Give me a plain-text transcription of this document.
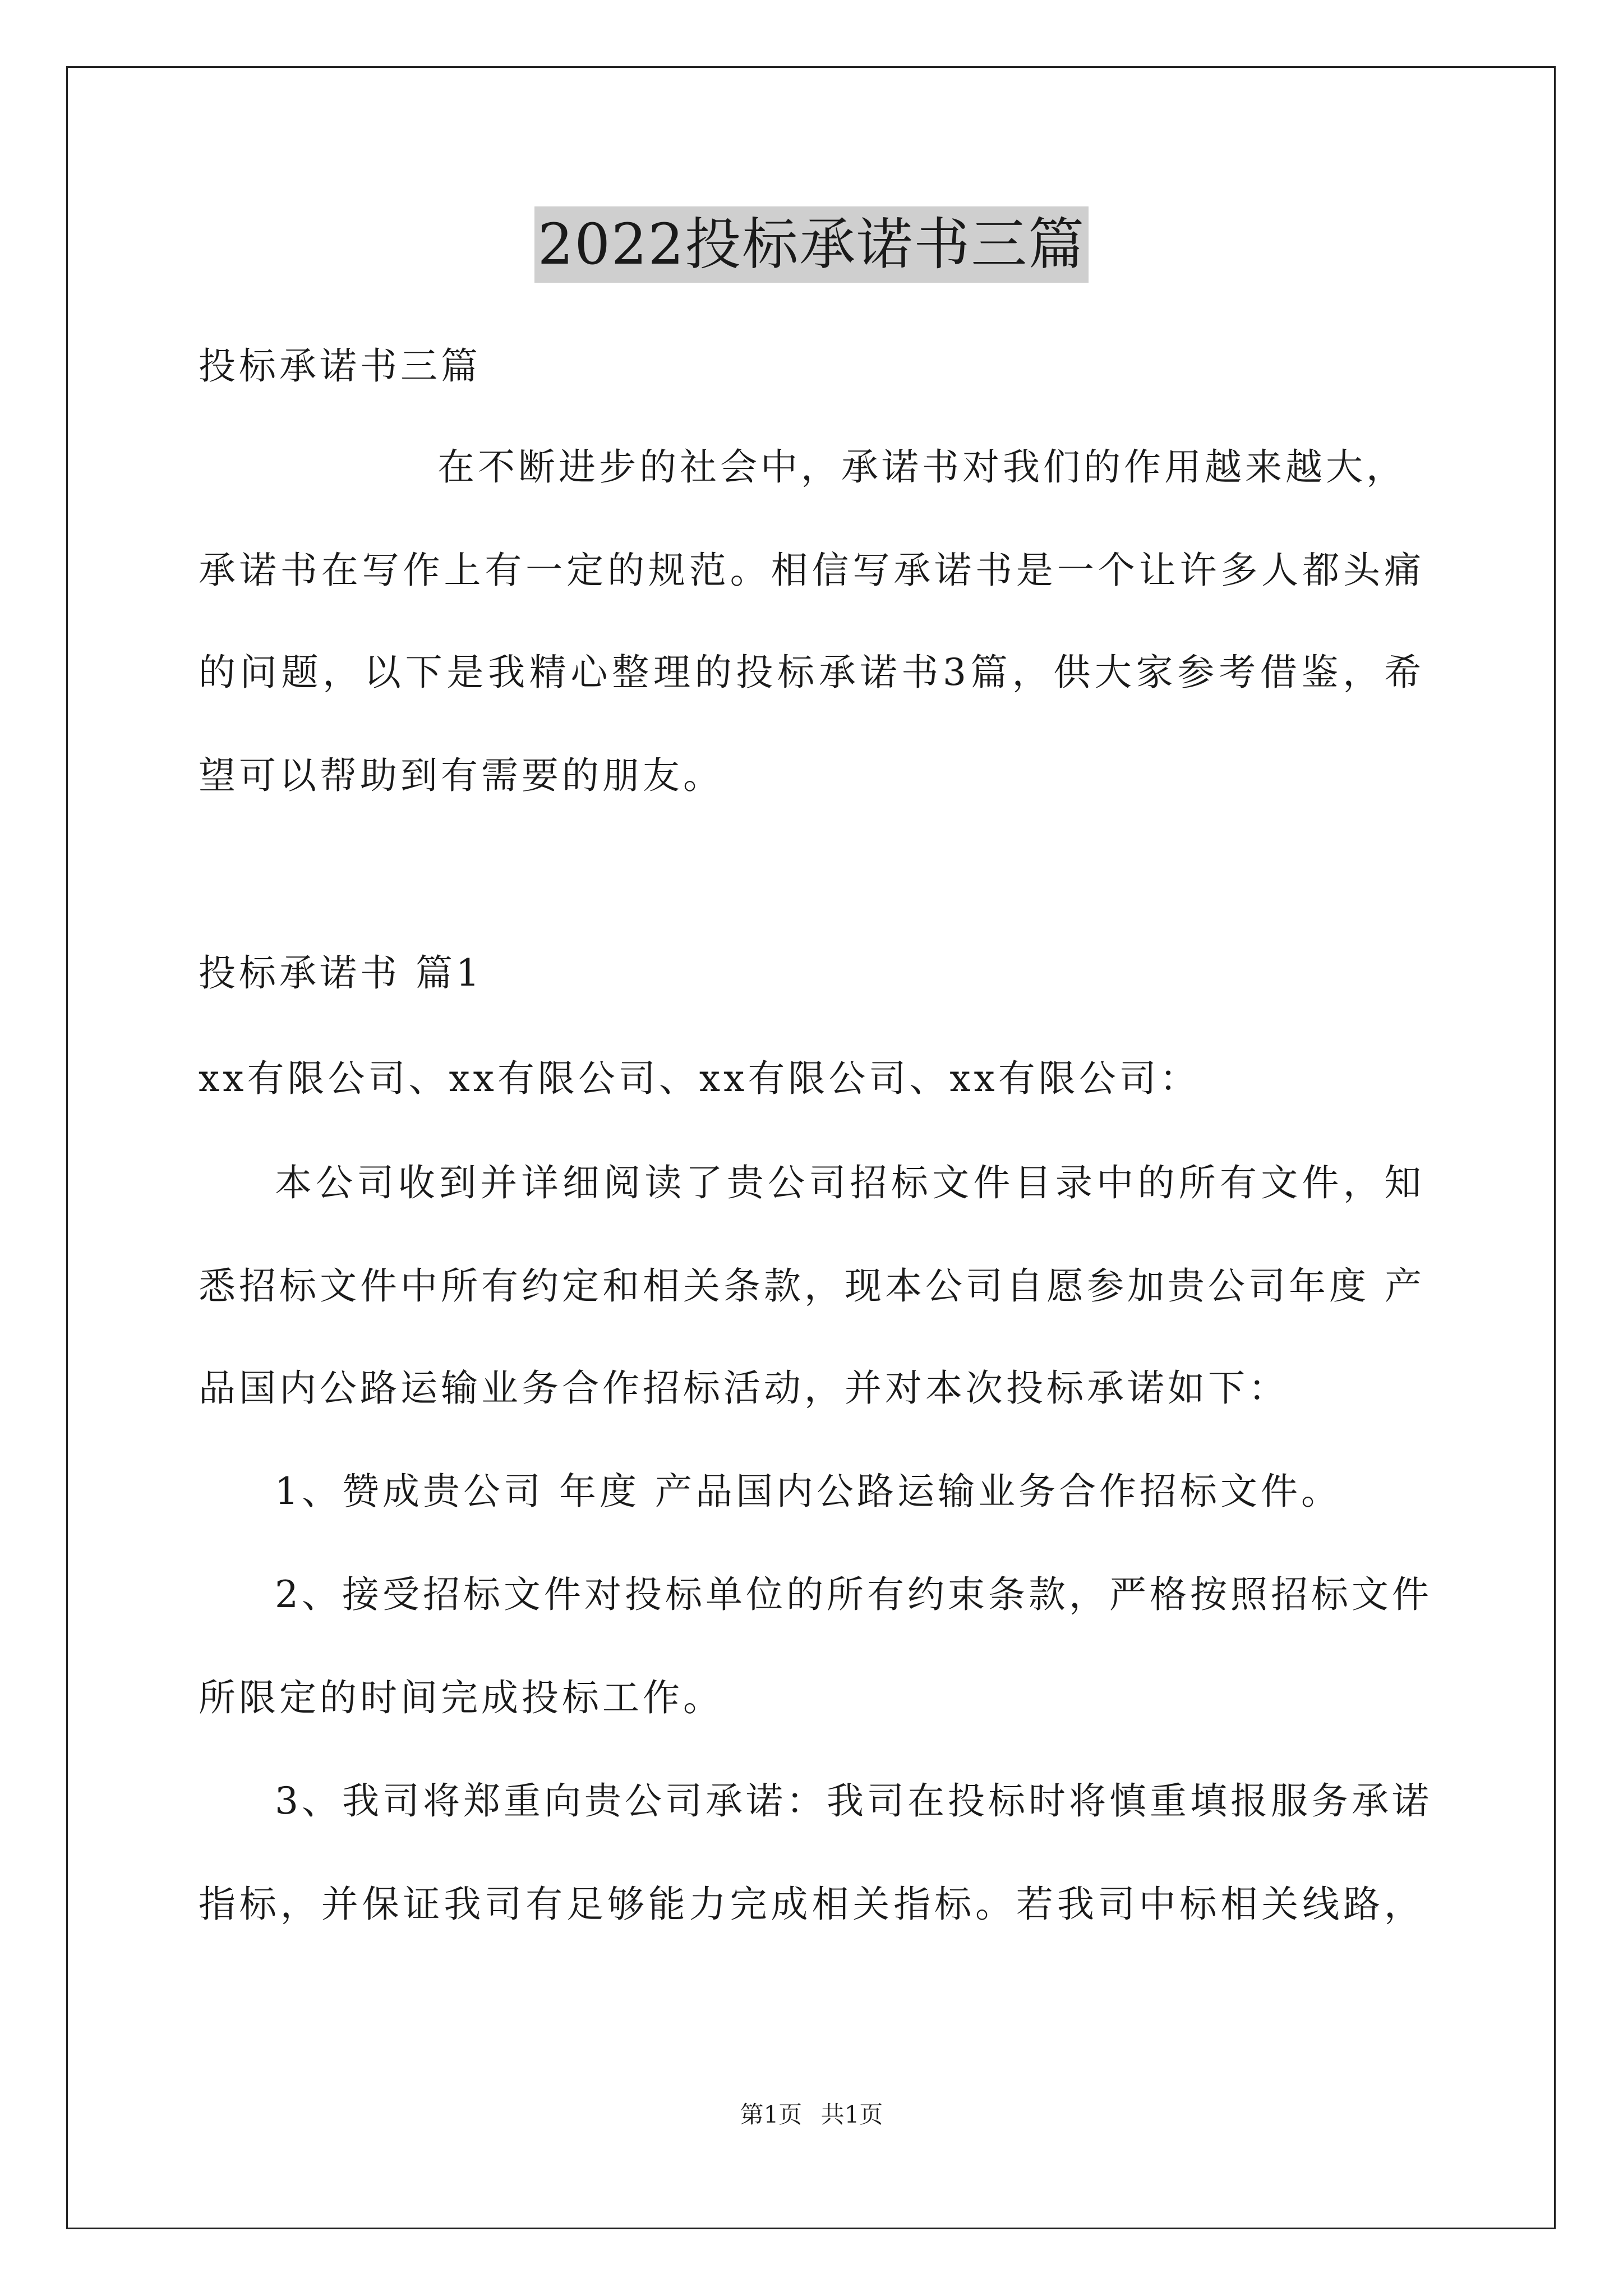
2022投标承诺书三篇
投标承诺书三篇
在不断进步的社会中，承诺书对我们的作用越来越大，
承诺书在写作上有一定的规范。相信写承诺书是一个让许多人都头痛
的问题，以下是我精心整理的投标承诺书3篇，供大家参考借鉴，希
望可以帮助到有需要的朋友。
投标承诺书 篇1
xx有限公司、xx有限公司、xx有限公司、xx有限公司：
本公司收到并详细阅读了贵公司招标文件目录中的所有文件，知
悉招标文件中所有约定和相关条款，现本公司自愿参加贵公司年度 产
品国内公路运输业务合作招标活动，并对本次投标承诺如下：
1、赞成贵公司 年度 产品国内公路运输业务合作招标文件。
2、接受招标文件对投标单位的所有约束条款，严格按照招标文件
所限定的时间完成投标工作。
3、我司将郑重向贵公司承诺：我司在投标时将慎重填报服务承诺
指标，并保证我司有足够能力完成相关指标。若我司中标相关线路，
第1页 共1页
